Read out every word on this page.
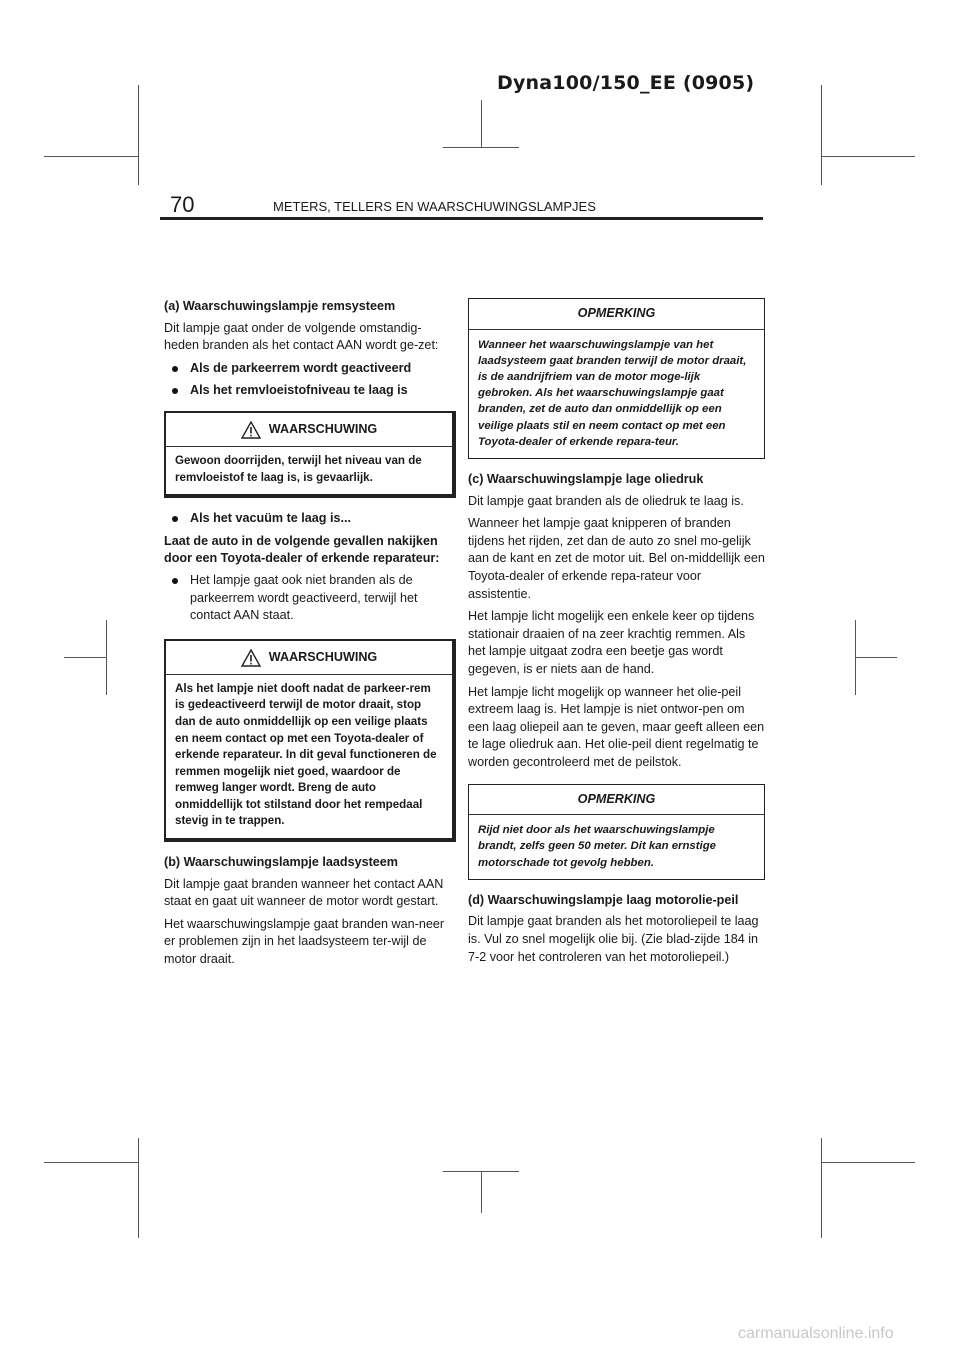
Dyna100/150_EE (0905)
70	METERS, TELLERS EN WAARSCHUWINGSLAMPJES
(a) Waarschuwingslampje remsysteem

Dit lampje gaat onder de volgende omstandig-heden branden als het contact AAN wordt ge-zet:

Als de parkeerrem wordt geactiveerd
Als het remvloeistofniveau te laag is
WAARSCHUWING
Gewoon doorrijden, terwijl het niveau van de remvloeistof te laag is, is gevaarlijk.
Als het vacuüm te laag is...
Laat de auto in de volgende gevallen nakijken door een Toyota‑dealer of erkende reparateur:
Het lampje gaat ook niet branden als de parkeerrem wordt geactiveerd, terwijl het contact AAN staat.
WAARSCHUWING
Als het lampje niet dooft nadat de parkeer-rem is gedeactiveerd terwijl de motor draait, stop dan de auto onmiddellijk op een veilige plaats en neem contact op met een Toyota-dealer of erkende reparateur. In dit geval functioneren de remmen mogelijk niet goed, waardoor de remweg langer wordt. Breng de auto onmiddellijk tot stilstand door het rempedaal stevig in te trappen.
(b) Waarschuwingslampje laadsysteem

Dit lampje gaat branden wanneer het contact AAN staat en gaat uit wanneer de motor wordt gestart.

Het waarschuwingslampje gaat branden wan-neer er problemen zijn in het laadsysteem ter-wijl de motor draait.

OPMERKING
Wanneer het waarschuwingslampje van het laadsysteem gaat branden terwijl de motor draait, is de aandrijfriem van de motor moge-lijk gebroken. Als het waarschuwingslampje gaat branden, zet de auto dan onmiddellijk op een veilige plaats stil en neem contact op met een Toyota‑dealer of erkende repara-teur.
(c) Waarschuwingslampje lage oliedruk

Dit lampje gaat branden als de oliedruk te laag is.

Wanneer het lampje gaat knipperen of branden tijdens het rijden, zet dan de auto zo snel mo-gelijk aan de kant en zet de motor uit. Bel on-middellijk een Toyota‑dealer of erkende repa-rateur voor assistentie.

Het lampje licht mogelijk een enkele keer op tijdens stationair draaien of na zeer krachtig remmen. Als het lampje uitgaat zodra een beetje gas wordt gegeven, is er niets aan de hand.

Het lampje licht mogelijk op wanneer het olie-peil extreem laag is. Het lampje is niet ontwor-pen om een laag oliepeil aan te geven, maar geeft alleen een te lage oliedruk aan. Het olie-peil dient regelmatig te worden gecontroleerd met de peilstok.

OPMERKING
Rijd niet door als het waarschuwingslampje brandt, zelfs geen 50 meter. Dit kan ernstige motorschade tot gevolg hebben.
(d) Waarschuwingslampje laag motorolie-peil

Dit lampje gaat branden als het motoroliepeil te laag is. Vul zo snel mogelijk olie bij. (Zie blad-zijde 184 in 7‑2 voor het controleren van het motoroliepeil.)

carmanualsonline.info
